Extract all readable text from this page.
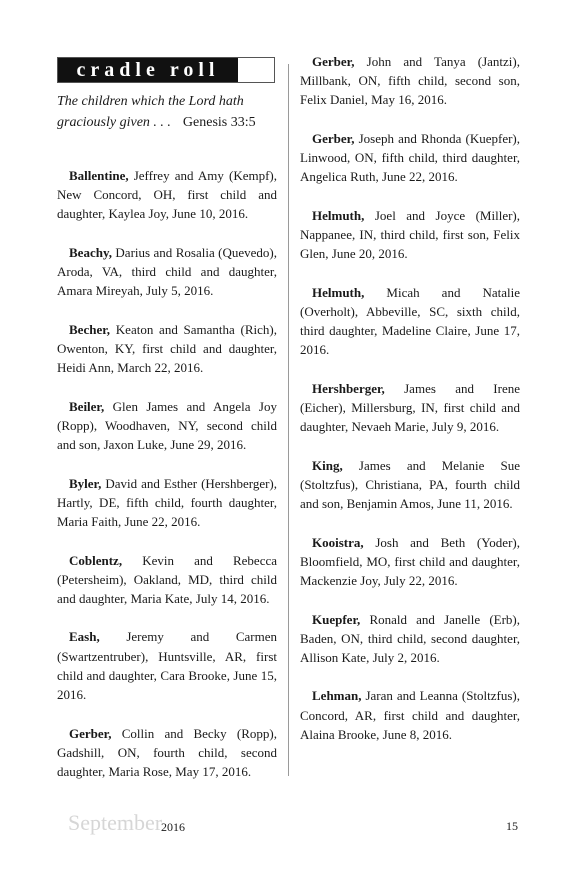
cradle roll
The children which the Lord hath graciously given . . . Genesis 33:5

Ballentine, Jeffrey and Amy (Kempf), New Concord, OH, first child and daughter, Kaylea Joy, June 10, 2016.

Beachy, Darius and Rosalia (Quevedo), Aroda, VA, third child and daughter, Amara Mireyah, July 5, 2016.

Becher, Keaton and Samantha (Rich), Owenton, KY, first child and daughter, Heidi Ann, March 22, 2016.

Beiler, Glen James and Angela Joy (Ropp), Woodhaven, NY, second child and son, Jaxon Luke, June 29, 2016.

Byler, David and Esther (Hershberger), Hartly, DE, fifth child, fourth daughter, Maria Faith, June 22, 2016.

Coblentz, Kevin and Rebecca (Petersheim), Oakland, MD, third child and daughter, Maria Kate, July 14, 2016.

Eash, Jeremy and Carmen (Swartzentruber), Huntsville, AR, first child and daughter, Cara Brooke, June 15, 2016.

Gerber, Collin and Becky (Ropp), Gadshill, ON, fourth child, second daughter, Maria Rose, May 17, 2016.

Gerber, John and Tanya (Jantzi), Millbank, ON, fifth child, second son, Felix Daniel, May 16, 2016.

Gerber, Joseph and Rhonda (Kuepfer), Linwood, ON, fifth child, third daughter, Angelica Ruth, June 22, 2016.

Helmuth, Joel and Joyce (Miller), Nappanee, IN, third child, first son, Felix Glen, June 20, 2016.

Helmuth, Micah and Natalie (Overholt), Abbeville, SC, sixth child, third daughter, Madeline Claire, June 17, 2016.

Hershberger, James and Irene (Eicher), Millersburg, IN, first child and daughter, Nevaeh Marie, July 9, 2016.

King, James and Melanie Sue (Stoltzfus), Christiana, PA, fourth child and son, Benjamin Amos, June 11, 2016.

Kooistra, Josh and Beth (Yoder), Bloomfield, MO, first child and daughter, Mackenzie Joy, July 22, 2016.

Kuepfer, Ronald and Janelle (Erb), Baden, ON, third child, second daughter, Allison Kate, July 2, 2016.

Lehman, Jaran and Leanna (Stoltzfus), Concord, AR, first child and daughter, Alaina Brooke, June 8, 2016.

September
2016	15
